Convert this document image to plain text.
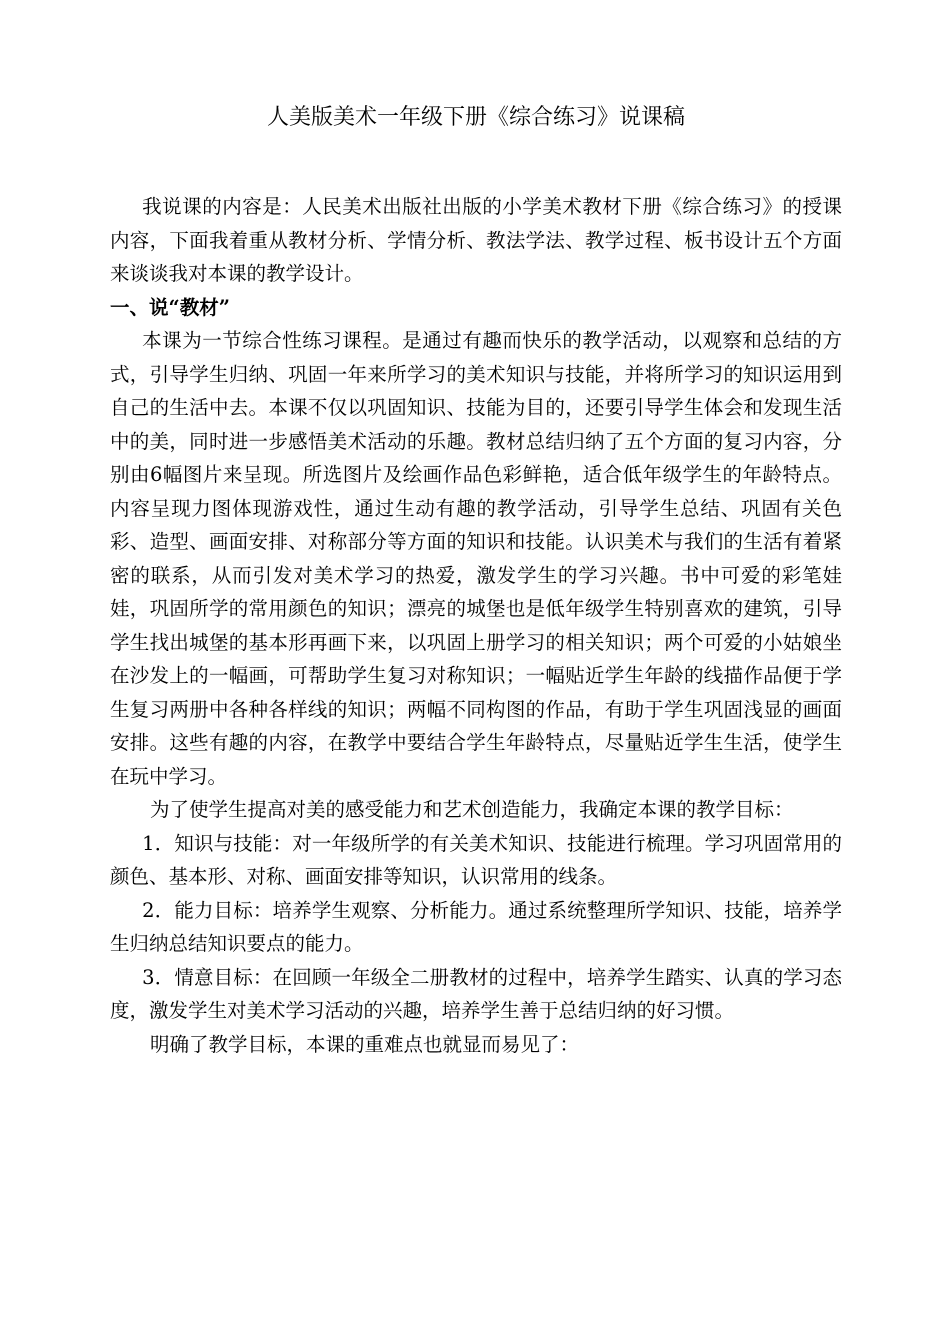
人美版美术一年级下册《综合练习》说课稿

我说课的内容是：人民美术出版社出版的小学美术教材下册《综合练习》的授课内容，下面我着重从教材分析、学情分析、教法学法、教学过程、板书设计五个方面来谈谈我对本课的教学设计。

一、说“教材”

本课为一节综合性练习课程。是通过有趣而快乐的教学活动，以观察和总结的方式，引导学生归纳、巩固一年来所学习的美术知识与技能，并将所学习的知识运用到自己的生活中去。本课不仅以巩固知识、技能为目的，还要引导学生体会和发现生活中的美，同时进一步感悟美术活动的乐趣。教材总结归纳了五个方面的复习内容，分别由6幅图片来呈现。所选图片及绘画作品色彩鲜艳，适合低年级学生的年龄特点。内容呈现力图体现游戏性，通过生动有趣的教学活动，引导学生总结、巩固有关色彩、造型、画面安排、对称部分等方面的知识和技能。认识美术与我们的生活有着紧密的联系，从而引发对美术学习的热爱，激发学生的学习兴趣。书中可爱的彩笔娃娃，巩固所学的常用颜色的知识；漂亮的城堡也是低年级学生特别喜欢的建筑，引导学生找出城堡的基本形再画下来，以巩固上册学习的相关知识；两个可爱的小姑娘坐在沙发上的一幅画，可帮助学生复习对称知识；一幅贴近学生年龄的线描作品便于学生复习两册中各种各样线的知识；两幅不同构图的作品，有助于学生巩固浅显的画面安排。这些有趣的内容，在教学中要结合学生年龄特点，尽量贴近学生生活，使学生在玩中学习。

为了使学生提高对美的感受能力和艺术创造能力，我确定本课的教学目标：

1．知识与技能：对一年级所学的有关美术知识、技能进行梳理。学习巩固常用的颜色、基本形、对称、画面安排等知识，认识常用的线条。

2．能力目标：培养学生观察、分析能力。通过系统整理所学知识、技能，培养学生归纳总结知识要点的能力。

3．情意目标：在回顾一年级全二册教材的过程中，培养学生踏实、认真的学习态度，激发学生对美术学习活动的兴趣，培养学生善于总结归纳的好习惯。

明确了教学目标，本课的重难点也就显而易见了：
